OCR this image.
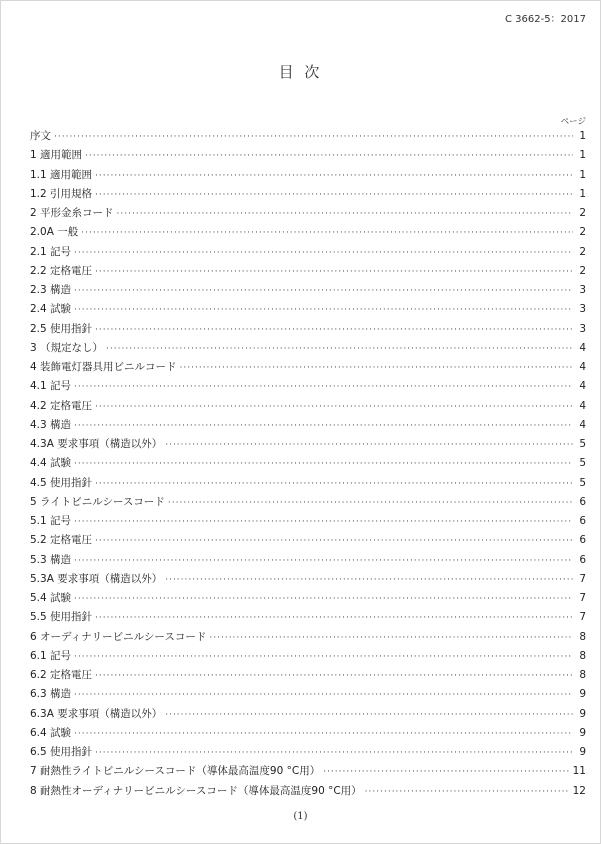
C 3662-5：2017
目 次
ページ
序文 ·····	1
1 適用範囲 ·····	1
1.1 適用範囲 ·····	1
1.2 引用規格 ·····	1
2 平形金糸コード ·····	2
2.0A 一般 ·····	2
2.1 記号 ·····	2
2.2 定格電圧 ·····	2
2.3 構造 ·····	3
2.4 試験 ·····	3
2.5 使用指針 ·····	3
3 （規定なし） ·····	4
4 装飾電灯器具用ビニルコード ·····	4
4.1 記号 ·····	4
4.2 定格電圧 ·····	4
4.3 構造 ·····	4
4.3A 要求事項（構造以外） ·····	5
4.4 試験 ·····	5
4.5 使用指針 ·····	5
5 ライトビニルシースコード ·····	6
5.1 記号 ·····	6
5.2 定格電圧 ·····	6
5.3 構造 ·····	6
5.3A 要求事項（構造以外） ·····	7
5.4 試験 ·····	7
5.5 使用指針 ·····	7
6 オーディナリービニルシースコード ·····	8
6.1 記号 ·····	8
6.2 定格電圧 ·····	8
6.3 構造 ·····	9
6.3A 要求事項（構造以外） ·····	9
6.4 試験 ·····	9
6.5 使用指針 ·····	9
7 耐熱性ライトビニルシースコード（導体最高温度90 °C用） ·····	11
8 耐熱性オーディナリービニルシースコード（導体最高温度90 °C用） ·····	12
(1)
